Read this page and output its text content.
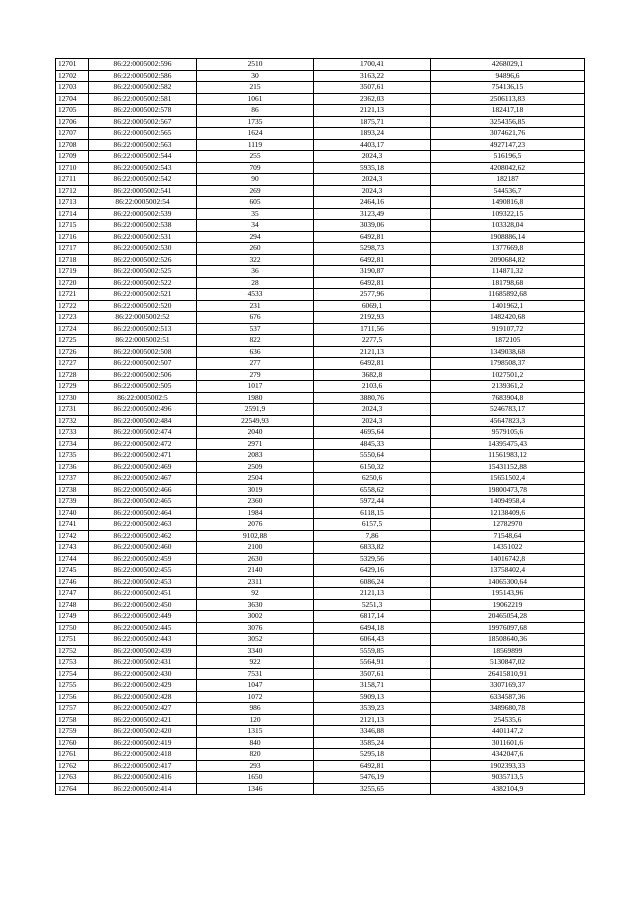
12701	86:22:0005002:596	2510	1700,41	4268029,1
12702	86:22:0005002:586	30	3163,22	94896,6
12703	86:22:0005002:582	215	3507,61	754136,15
12704	86:22:0005002:581	1061	2362,03	2506113,83
12705	86:22:0005002:578	86	2121,13	182417,18
12706	86:22:0005002:567	1735	1875,71	3254356,85
12707	86:22:0005002:565	1624	1893,24	3074621,76
12708	86:22:0005002:563	1119	4403,17	4927147,23
12709	86:22:0005002:544	255	2024,3	516196,5
12710	86:22:0005002:543	709	5935,18	4208042,62
12711	86:22:0005002:542	90	2024,3	182187
12712	86:22:0005002:541	269	2024,3	544536,7
12713	86:22:0005002:54	605	2464,16	1490816,8
12714	86:22:0005002:539	35	3123,49	109322,15
12715	86:22:0005002:538	34	3039,06	103328,04
12716	86:22:0005002:531	294	6492,81	1908886,14
12717	86:22:0005002:530	260	5298,73	1377669,8
12718	86:22:0005002:526	322	6492,81	2090684,82
12719	86:22:0005002:525	36	3190,87	114871,32
12720	86:22:0005002:522	28	6492,81	181798,68
12721	86:22:0005002:521	4533	2577,96	11685892,68
12722	86:22:0005002:520	231	6069,1	1401962,1
12723	86:22:0005002:52	676	2192,93	1482420,68
12724	86:22:0005002:513	537	1711,56	919107,72
12725	86:22:0005002:51	822	2277,5	1872105
12726	86:22:0005002:508	636	2121,13	1349038,68
12727	86:22:0005002:507	277	6492,81	1798508,37
12728	86:22:0005002:506	279	3682,8	1027501,2
12729	86:22:0005002:505	1017	2103,6	2139361,2
12730	86:22:0005002:5	1980	3880,76	7683904,8
12731	86:22:0005002:496	2591,9	2024,3	5246783,17
12732	86:22:0005002:484	22549,93	2024,3	45647823,3
12733	86:22:0005002:474	2040	4695,64	9579105,6
12734	86:22:0005002:472	2971	4845,33	14395475,43
12735	86:22:0005002:471	2083	5550,64	11561983,12
12736	86:22:0005002:469	2509	6150,32	15431152,88
12737	86:22:0005002:467	2504	6250,6	15651502,4
12738	86:22:0005002:466	3019	6558,62	19800473,78
12739	86:22:0005002:465	2360	5972,44	14094958,4
12740	86:22:0005002:464	1984	6118,15	12138409,6
12741	86:22:0005002:463	2076	6157,5	12782970
12742	86:22:0005002:462	9102,88	7,86	71548,64
12743	86:22:0005002:460	2100	6833,82	14351022
12744	86:22:0005002:459	2630	5329,56	14016742,8
12745	86:22:0005002:455	2140	6429,16	13758402,4
12746	86:22:0005002:453	2311	6086,24	14065300,64
12747	86:22:0005002:451	92	2121,13	195143,96
12748	86:22:0005002:450	3630	5251,3	19062219
12749	86:22:0005002:449	3002	6817,14	20465054,28
12750	86:22:0005002:445	3076	6494,18	19976097,68
12751	86:22:0005002:443	3052	6064,43	18508640,36
12752	86:22:0005002:439	3340	5559,85	18569899
12753	86:22:0005002:431	922	5564,91	5130847,02
12754	86:22:0005002:430	7531	3507,61	26415810,91
12755	86:22:0005002:429	1047	3158,71	3307169,37
12756	86:22:0005002:428	1072	5909,13	6334587,36
12757	86:22:0005002:427	986	3539,23	3489680,78
12758	86:22:0005002:421	120	2121,13	254535,6
12759	86:22:0005002:420	1315	3346,88	4401147,2
12760	86:22:0005002:419	840	3585,24	3011601,6
12761	86:22:0005002:418	820	5295,18	4342047,6
12762	86:22:0005002:417	293	6492,81	1902393,33
12763	86:22:0005002:416	1650	5476,19	9035713,5
12764	86:22:0005002:414	1346	3255,65	4382104,9
